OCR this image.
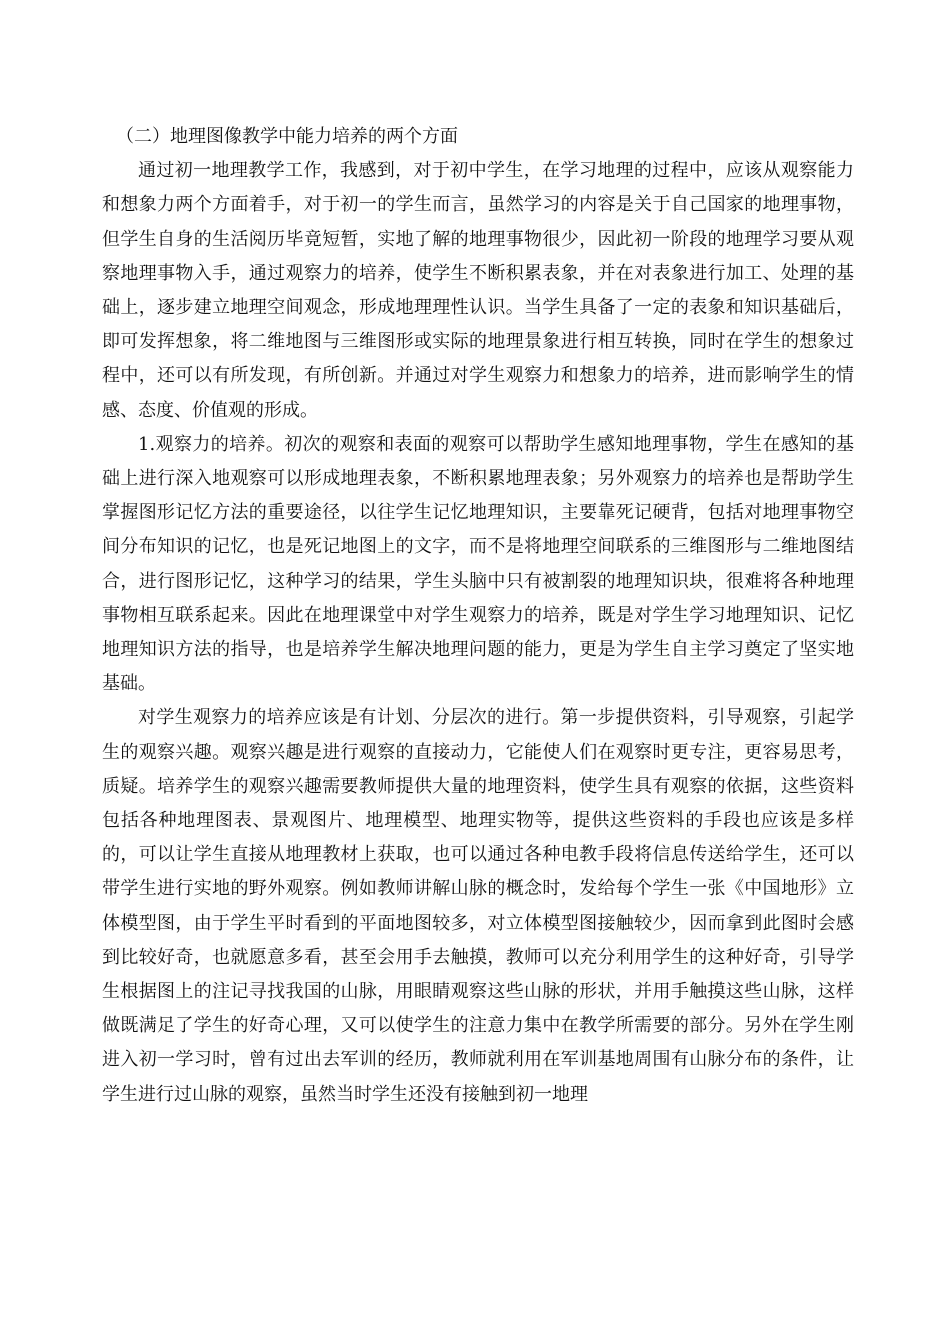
（二）地理图像教学中能力培养的两个方面

通过初一地理教学工作，我感到，对于初中学生，在学习地理的过程中，应该从观察能力和想象力两个方面着手，对于初一的学生而言，虽然学习的内容是关于自己国家的地理事物，但学生自身的生活阅历毕竟短暂，实地了解的地理事物很少，因此初一阶段的地理学习要从观察地理事物入手，通过观察力的培养，使学生不断积累表象，并在对表象进行加工、处理的基础上，逐步建立地理空间观念，形成地理理性认识。当学生具备了一定的表象和知识基础后，即可发挥想象，将二维地图与三维图形或实际的地理景象进行相互转换，同时在学生的想象过程中，还可以有所发现，有所创新。并通过对学生观察力和想象力的培养，进而影响学生的情感、态度、价值观的形成。

1.观察力的培养。初次的观察和表面的观察可以帮助学生感知地理事物，学生在感知的基础上进行深入地观察可以形成地理表象，不断积累地理表象；另外观察力的培养也是帮助学生掌握图形记忆方法的重要途径，以往学生记忆地理知识，主要靠死记硬背，包括对地理事物空间分布知识的记忆，也是死记地图上的文字，而不是将地理空间联系的三维图形与二维地图结合，进行图形记忆，这种学习的结果，学生头脑中只有被割裂的地理知识块，很难将各种地理事物相互联系起来。因此在地理课堂中对学生观察力的培养，既是对学生学习地理知识、记忆地理知识方法的指导，也是培养学生解决地理问题的能力，更是为学生自主学习奠定了坚实地基础。

对学生观察力的培养应该是有计划、分层次的进行。第一步提供资料，引导观察，引起学生的观察兴趣。观察兴趣是进行观察的直接动力，它能使人们在观察时更专注，更容易思考，质疑。培养学生的观察兴趣需要教师提供大量的地理资料，使学生具有观察的依据，这些资料包括各种地理图表、景观图片、地理模型、地理实物等，提供这些资料的手段也应该是多样的，可以让学生直接从地理教材上获取，也可以通过各种电教手段将信息传送给学生，还可以带学生进行实地的野外观察。例如教师讲解山脉的概念时，发给每个学生一张《中国地形》立体模型图，由于学生平时看到的平面地图较多，对立体模型图接触较少，因而拿到此图时会感到比较好奇，也就愿意多看，甚至会用手去触摸，教师可以充分利用学生的这种好奇，引导学生根据图上的注记寻找我国的山脉，用眼睛观察这些山脉的形状，并用手触摸这些山脉，这样做既满足了学生的好奇心理，又可以使学生的注意力集中在教学所需要的部分。另外在学生刚进入初一学习时，曾有过出去军训的经历，教师就利用在军训基地周围有山脉分布的条件，让学生进行过山脉的观察，虽然当时学生还没有接触到初一地理
